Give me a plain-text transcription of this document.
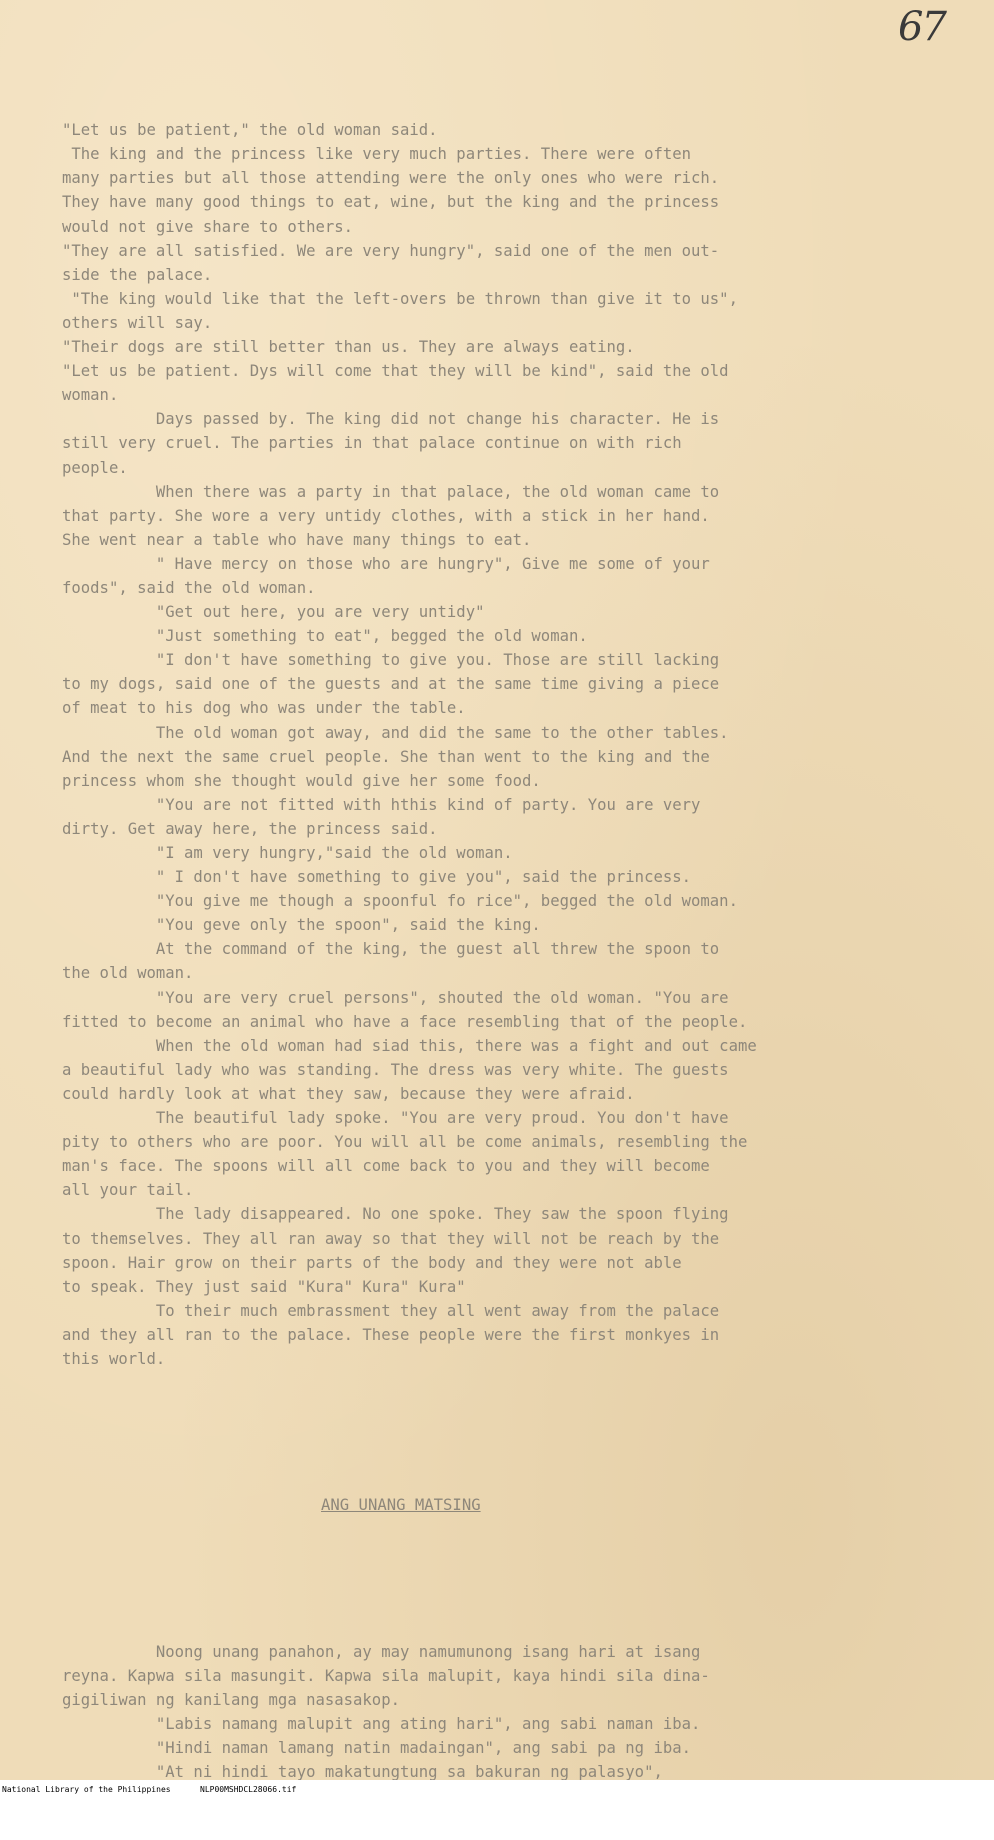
67

"Let us be patient," the old woman said.
The king and the princess like very much parties. There were often
many parties but all those attending were the only ones who were rich.
They have many good things to eat, wine, but the king and the princess
would not give share to others.
"They are all satisfied. We are very hungry", said one of the men out-
side the palace.
"The king would like that the left-overs be thrown than give it to us",
others will say.
"Their dogs are still better than us. They are always eating.
"Let us be patient. Dys will come that they will be kind", said the old
woman.
Days passed by. The king did not change his character. He is
still very cruel. The parties in that palace continue on with rich
people.
When there was a party in that palace, the old woman came to
that party. She wore a very untidy clothes, with a stick in her hand.
She went near a table who have many things to eat.
" Have mercy on those who are hungry", Give me some of your
foods", said the old woman.
"Get out here, you are very untidy"
"Just something to eat", begged the old woman.
"I don't have something to give you. Those are still lacking
to my dogs, said one of the guests and at the same time giving a piece
of meat to his dog who was under the table.
The old woman got away, and did the same to the other tables.
And the next the same cruel people. She than went to the king and the
princess whom she thought would give her some food.
"You are not fitted with hthis kind of party. You are very
dirty. Get away here, the princess said.
"I am very hungry,"said the old woman.
" I don't have something to give you", said the princess.
"You give me though a spoonful fo rice", begged the old woman.
"You geve only the spoon", said the king.
At the command of the king, the guest all threw the spoon to
the old woman.
"You are very cruel persons", shouted the old woman. "You are
fitted to become an animal who have a face resembling that of the people.
When the old woman had siad this, there was a fight and out came
a beautiful lady who was standing. The dress was very white. The guests
could hardly look at what they saw, because they were afraid.
The beautiful lady spoke. "You are very proud. You don't have
pity to others who are poor. You will all be come animals, resembling the
man's face. The spoons will all come back to you and they will become
all your tail.
The lady disappeared. No one spoke. They saw the spoon flying
to themselves. They all ran away so that they will not be reach by the
spoon. Hair grow on their parts of the body and they were not able
to speak. They just said "Kura" Kura" Kura"
To their much embrassment they all went away from the palace
and they all ran to the palace. These people were the first monkyes in
this world.

ANG UNANG MATSING

Noong unang panahon, ay may namumunong isang hari at isang
reyna. Kapwa sila masungit. Kapwa sila malupit, kaya hindi sila dina-
gigiliwan ng kanilang mga nasasakop.
"Labis namang malupit ang ating hari", ang sabi naman iba.
"Hindi naman lamang natin madaingan", ang sabi pa ng iba.
"At ni hindi tayo makatungtung sa bakuran ng palasyo",

National Library of the Philippines

	NLP00MSHDCL28066.tif
